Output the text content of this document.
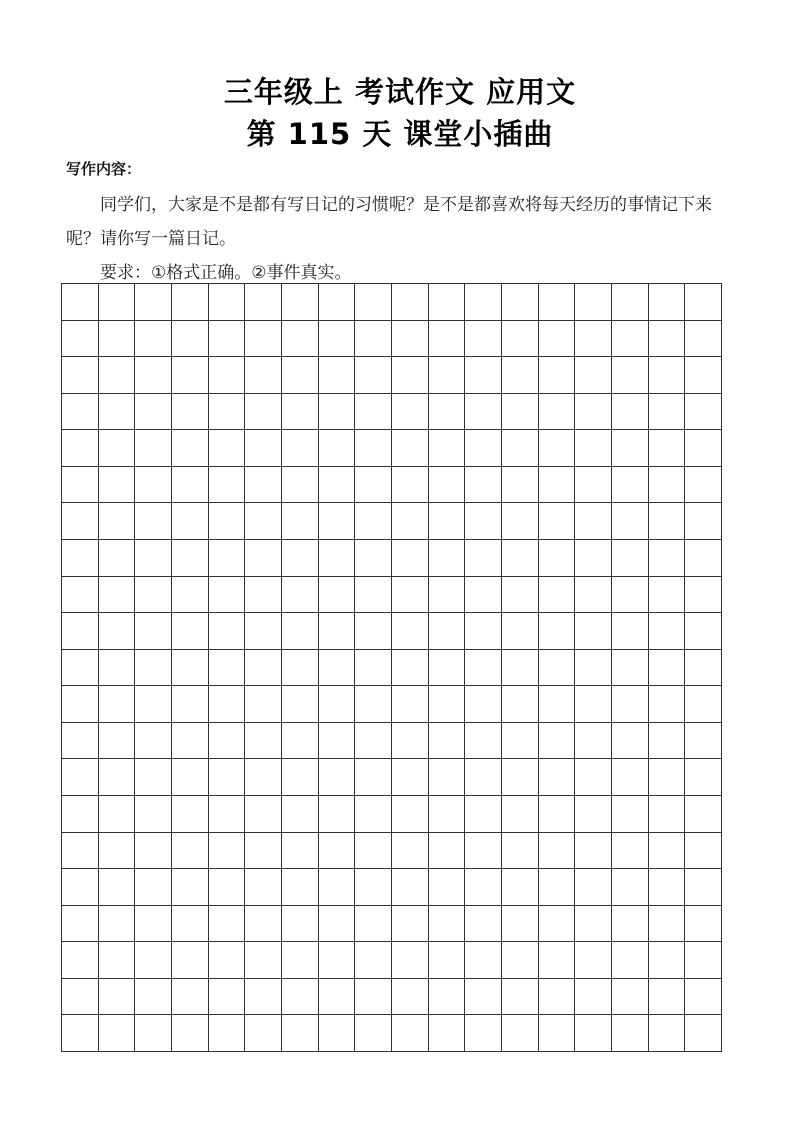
三年级上 考试作文 应用文
第 115 天 课堂小插曲
写作内容：
同学们，大家是不是都有写日记的习惯呢？是不是都喜欢将每天经历的事情记下来呢？请你写一篇日记。
要求：①格式正确。②事件真实。
